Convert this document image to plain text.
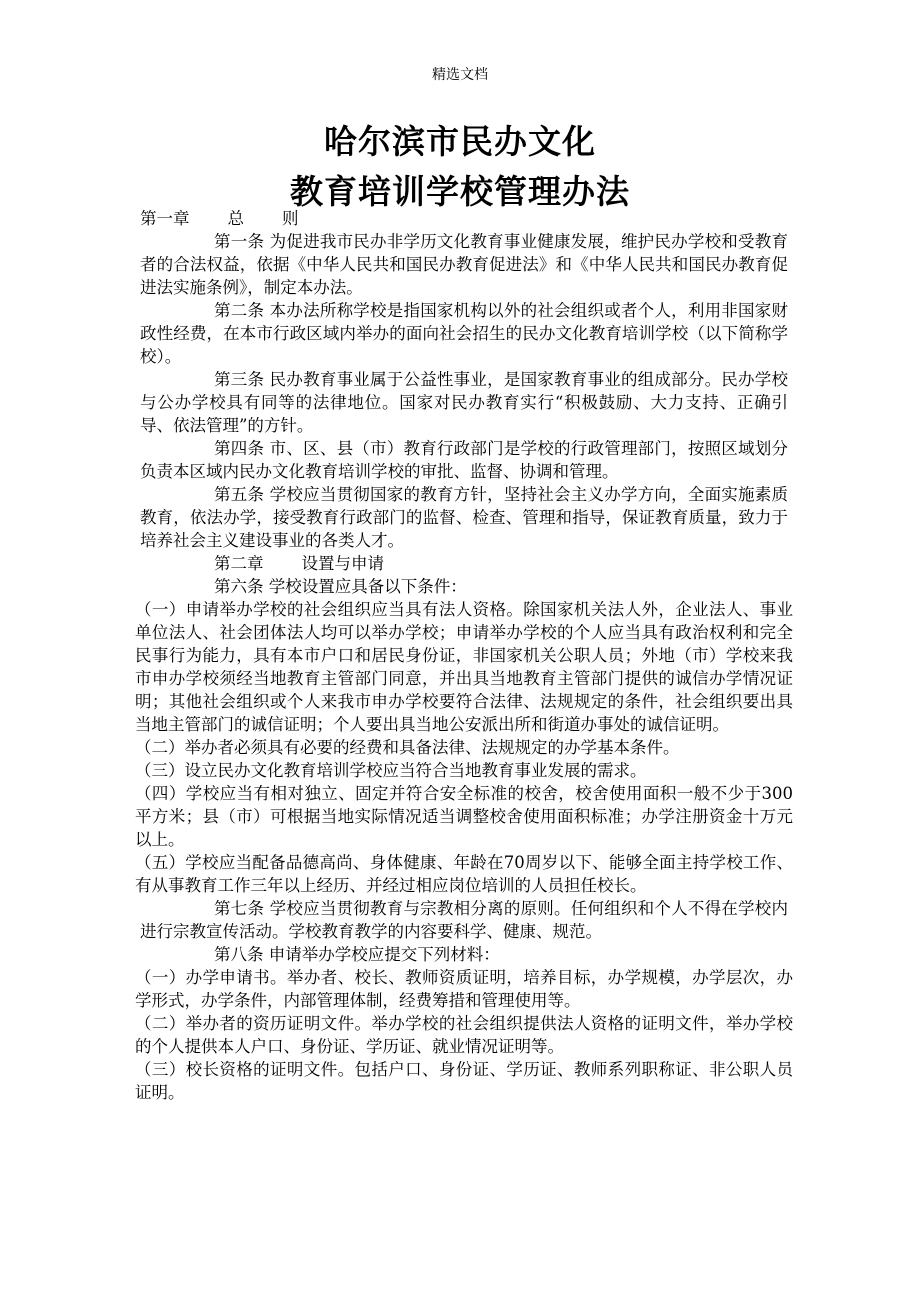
精选文档
哈尔滨市民办文化
教育培训学校管理办法

第一章 总 则

第一条 为促进我市民办非学历文化教育事业健康发展，维护民办学校和受教育者的合法权益，依据《中华人民共和国民办教育促进法》和《中华人民共和国民办教育促进法实施条例》，制定本办法。

第二条 本办法所称学校是指国家机构以外的社会组织或者个人，利用非国家财政性经费，在本市行政区域内举办的面向社会招生的民办文化教育培训学校（以下简称学校）。

第三条 民办教育事业属于公益性事业，是国家教育事业的组成部分。民办学校与公办学校具有同等的法律地位。国家对民办教育实行“积极鼓励、大力支持、正确引导、依法管理”的方针。

第四条 市、区、县（市）教育行政部门是学校的行政管理部门，按照区域划分负责本区域内民办文化教育培训学校的审批、监督、协调和管理。

第五条 学校应当贯彻国家的教育方针，坚持社会主义办学方向，全面实施素质教育，依法办学，接受教育行政部门的监督、检查、管理和指导，保证教育质量，致力于培养社会主义建设事业的各类人才。

第二章 设置与申请

第六条 学校设置应具备以下条件：

（一）申请举办学校的社会组织应当具有法人资格。除国家机关法人外，企业法人、事业单位法人、社会团体法人均可以举办学校；申请举办学校的个人应当具有政治权利和完全民事行为能力，具有本市户口和居民身份证，非国家机关公职人员；外地（市）学校来我市申办学校须经当地教育主管部门同意，并出具当地教育主管部门提供的诚信办学情况证明；其他社会组织或个人来我市申办学校要符合法律、法规规定的条件，社会组织要出具当地主管部门的诚信证明；个人要出具当地公安派出所和街道办事处的诚信证明。

（二）举办者必须具有必要的经费和具备法律、法规规定的办学基本条件。

（三）设立民办文化教育培训学校应当符合当地教育事业发展的需求。

（四）学校应当有相对独立、固定并符合安全标准的校舍，校舍使用面积一般不少于300平方米；县（市）可根据当地实际情况适当调整校舍使用面积标准；办学注册资金十万元以上。

（五）学校应当配备品德高尚、身体健康、年龄在70周岁以下、能够全面主持学校工作、有从事教育工作三年以上经历、并经过相应岗位培训的人员担任校长。

第七条 学校应当贯彻教育与宗教相分离的原则。任何组织和个人不得在学校内进行宗教宣传活动。学校教育教学的内容要科学、健康、规范。

第八条 申请举办学校应提交下列材料：

（一）办学申请书。举办者、校长、教师资质证明，培养目标，办学规模，办学层次，办学形式，办学条件，内部管理体制，经费筹措和管理使用等。

（二）举办者的资历证明文件。举办学校的社会组织提供法人资格的证明文件，举办学校的个人提供本人户口、身份证、学历证、就业情况证明等。

（三）校长资格的证明文件。包括户口、身份证、学历证、教师系列职称证、非公职人员证明。
